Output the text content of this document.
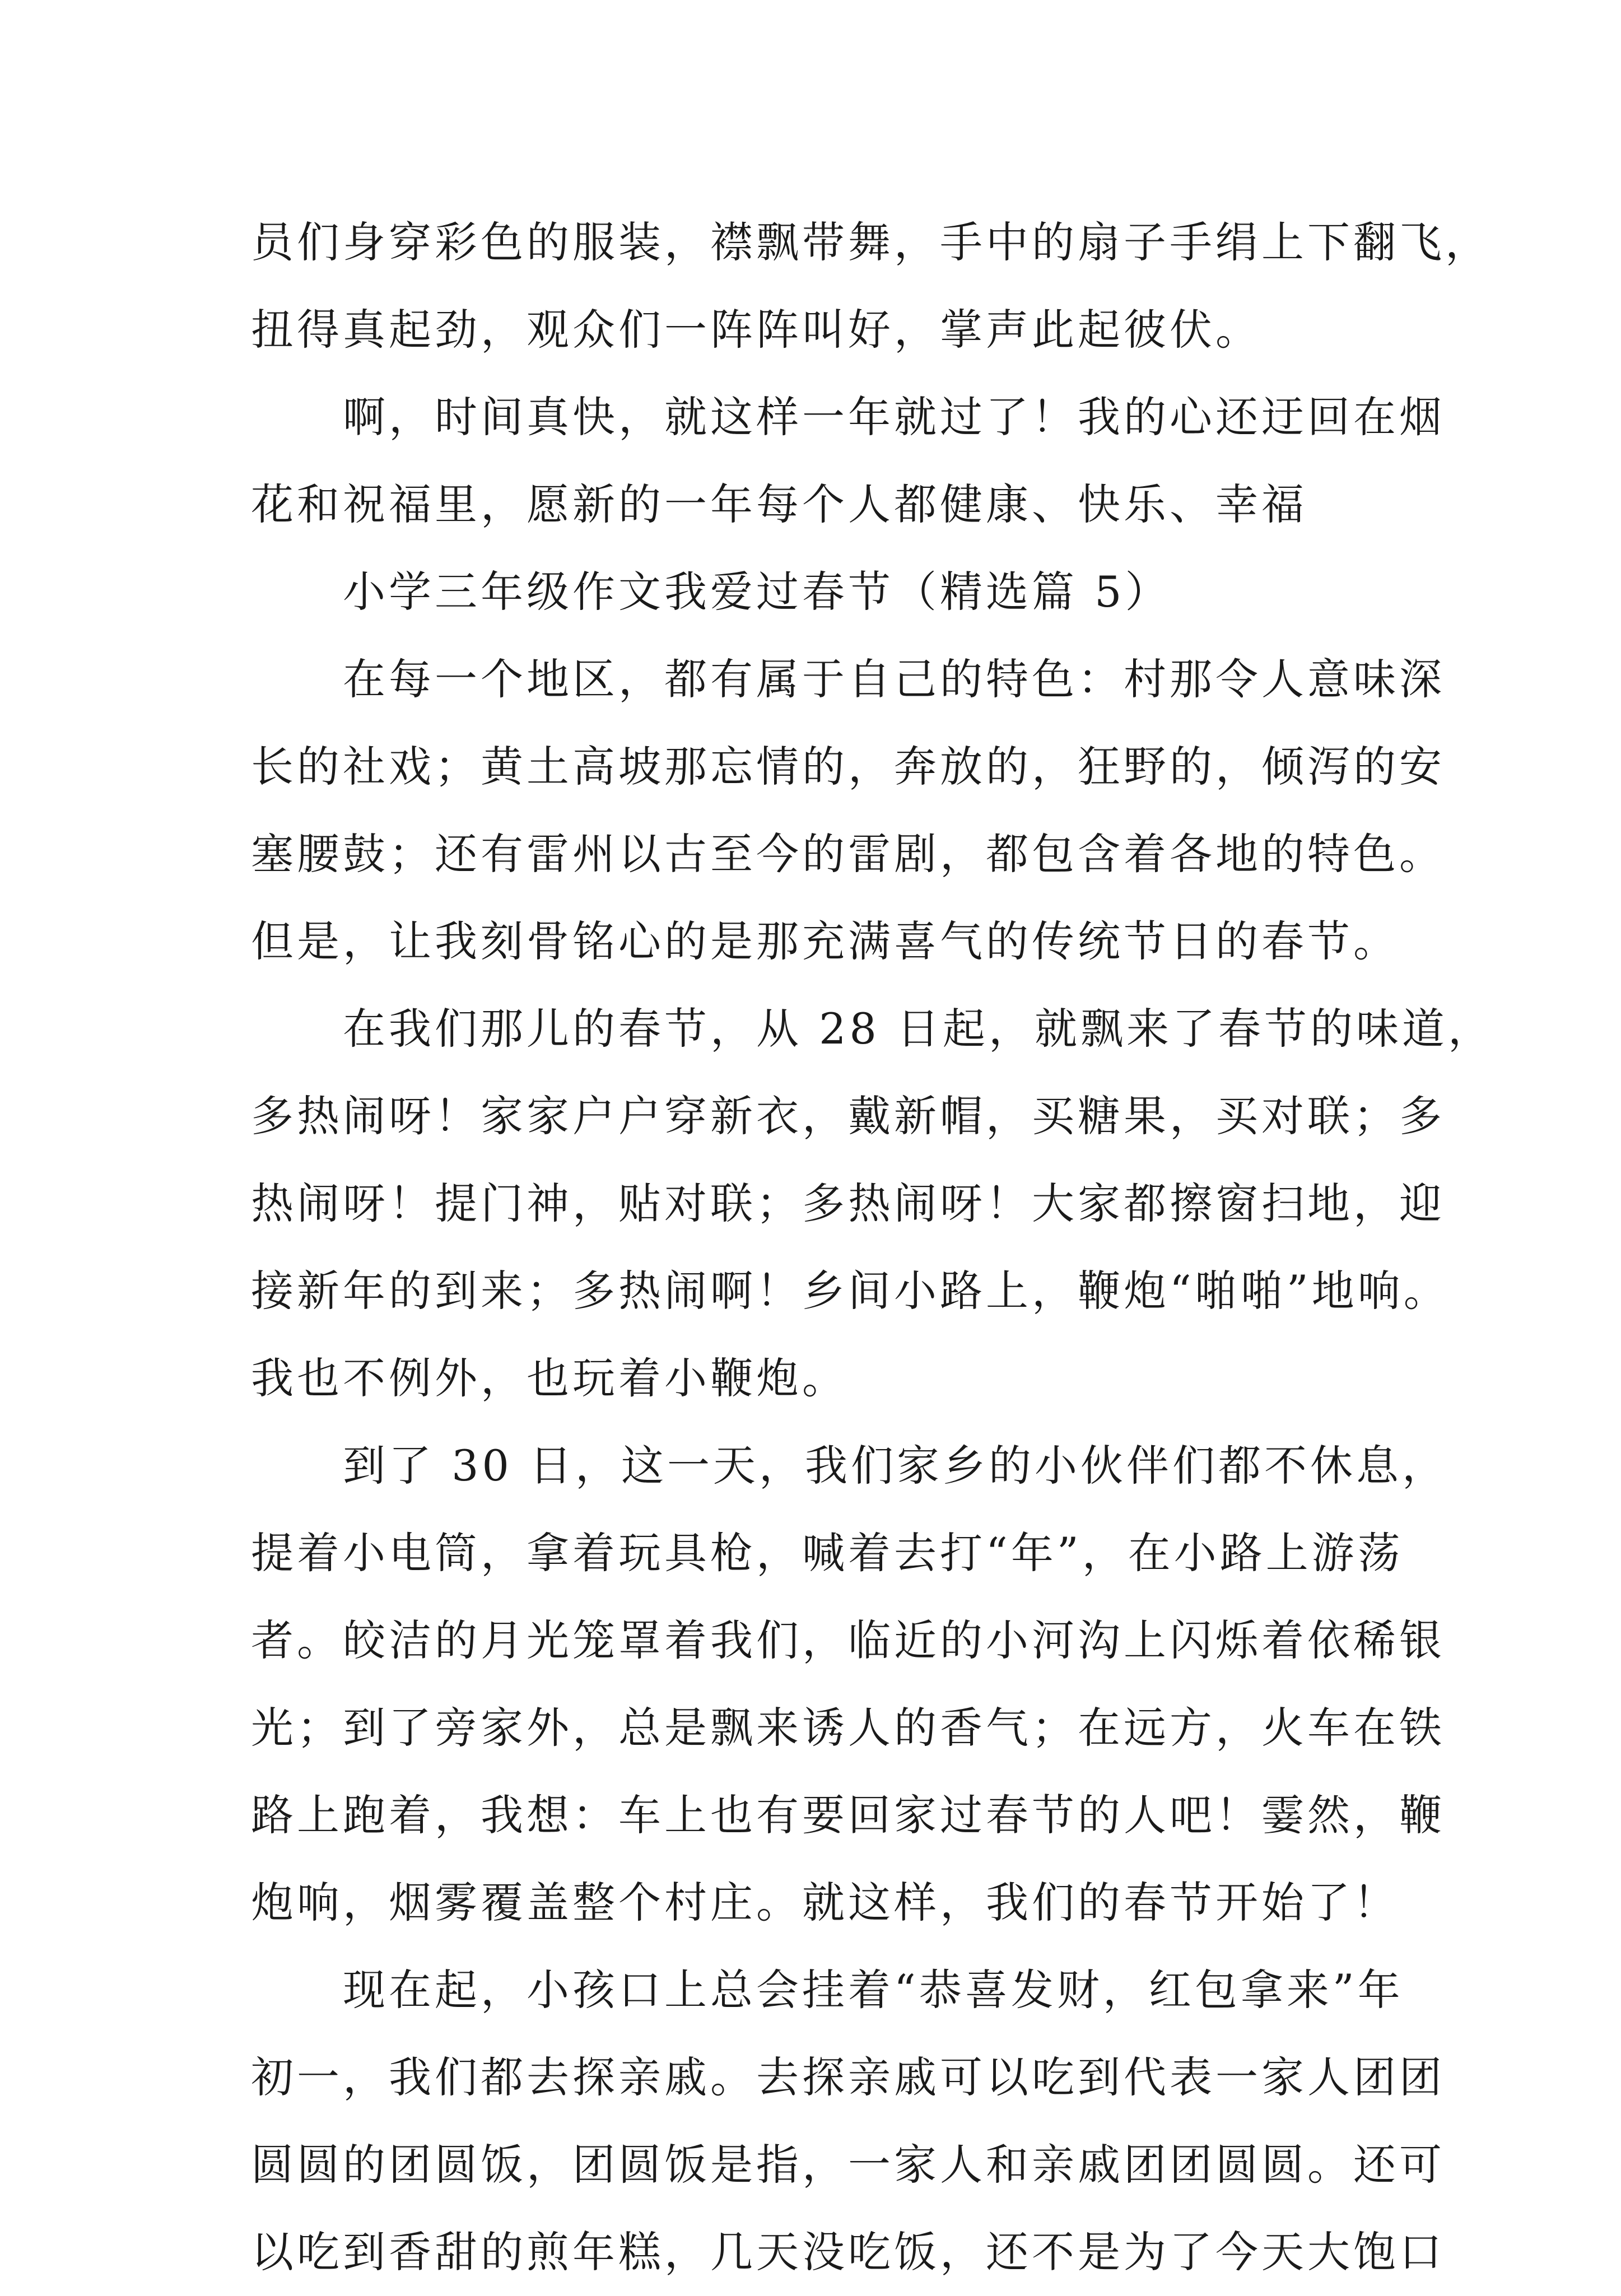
员们身穿彩色的服装，襟飘带舞，手中的扇子手绢上下翻飞，
扭得真起劲，观众们一阵阵叫好，掌声此起彼伏。
啊，时间真快，就这样一年就过了！我的心还迂回在烟
花和祝福里，愿新的一年每个人都健康、快乐、幸福
小学三年级作文我爱过春节（精选篇 5）
在每一个地区，都有属于自己的特色：村那令人意味深
长的社戏；黄土高坡那忘情的，奔放的，狂野的，倾泻的安
塞腰鼓；还有雷州以古至今的雷剧，都包含着各地的特色。
但是，让我刻骨铭心的是那充满喜气的传统节日的春节。
在我们那儿的春节，从 28 日起，就飘来了春节的味道，
多热闹呀！家家户户穿新衣，戴新帽，买糖果，买对联；多
热闹呀！提门神，贴对联；多热闹呀！大家都擦窗扫地，迎
接新年的到来；多热闹啊！乡间小路上，鞭炮“啪啪”地响。
我也不例外，也玩着小鞭炮。
到了 30 日，这一天，我们家乡的小伙伴们都不休息，
提着小电筒，拿着玩具枪，喊着去打“年”，在小路上游荡
者。皎洁的月光笼罩着我们，临近的小河沟上闪烁着依稀银
光；到了旁家外，总是飘来诱人的香气；在远方，火车在铁
路上跑着，我想：车上也有要回家过春节的人吧！霎然，鞭
炮响，烟雾覆盖整个村庄。就这样，我们的春节开始了！
现在起，小孩口上总会挂着“恭喜发财，红包拿来”年
初一，我们都去探亲戚。去探亲戚可以吃到代表一家人团团
圆圆的团圆饭，团圆饭是指，一家人和亲戚团团圆圆。还可
以吃到香甜的煎年糕，几天没吃饭，还不是为了今天大饱口
